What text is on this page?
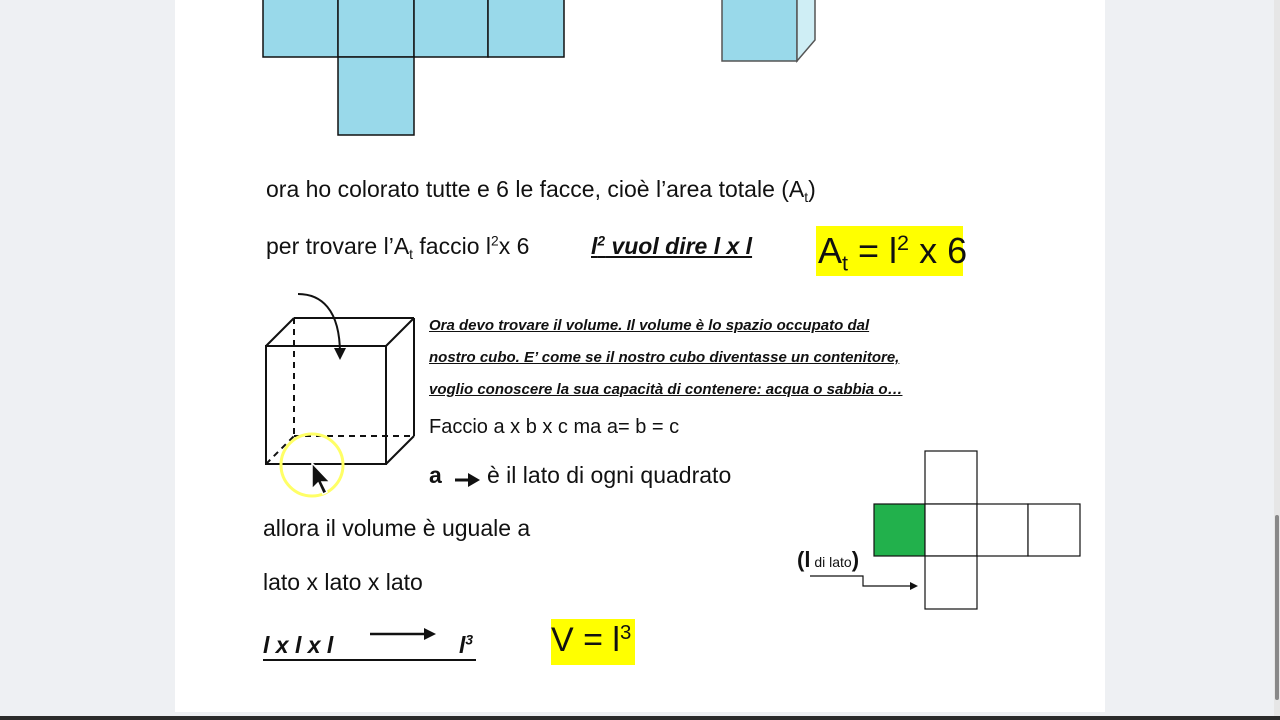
ora ho colorato tutte e 6 le facce, cioè l’area totale $(A_t)$
per trovare $l’A_t$ faccio $l^2x$ 6	$l^2$ vuol dire l x l $A_t = l^2$ x 6
Ora devo trovare il volume. Il volume è lo spazio occupato dal
nostro cubo. E’ come se il nostro cubo diventasse un contenitore,
voglio conoscere la sua capacità di contenere: acqua o sabbia o…
Faccio a x b x c ma a= b = c
a è il lato di ogni quadrato
allora il volume è uguale a
lato x lato x lato
l x l x l	$l^3$ $V = l^3$
(l di lato)
